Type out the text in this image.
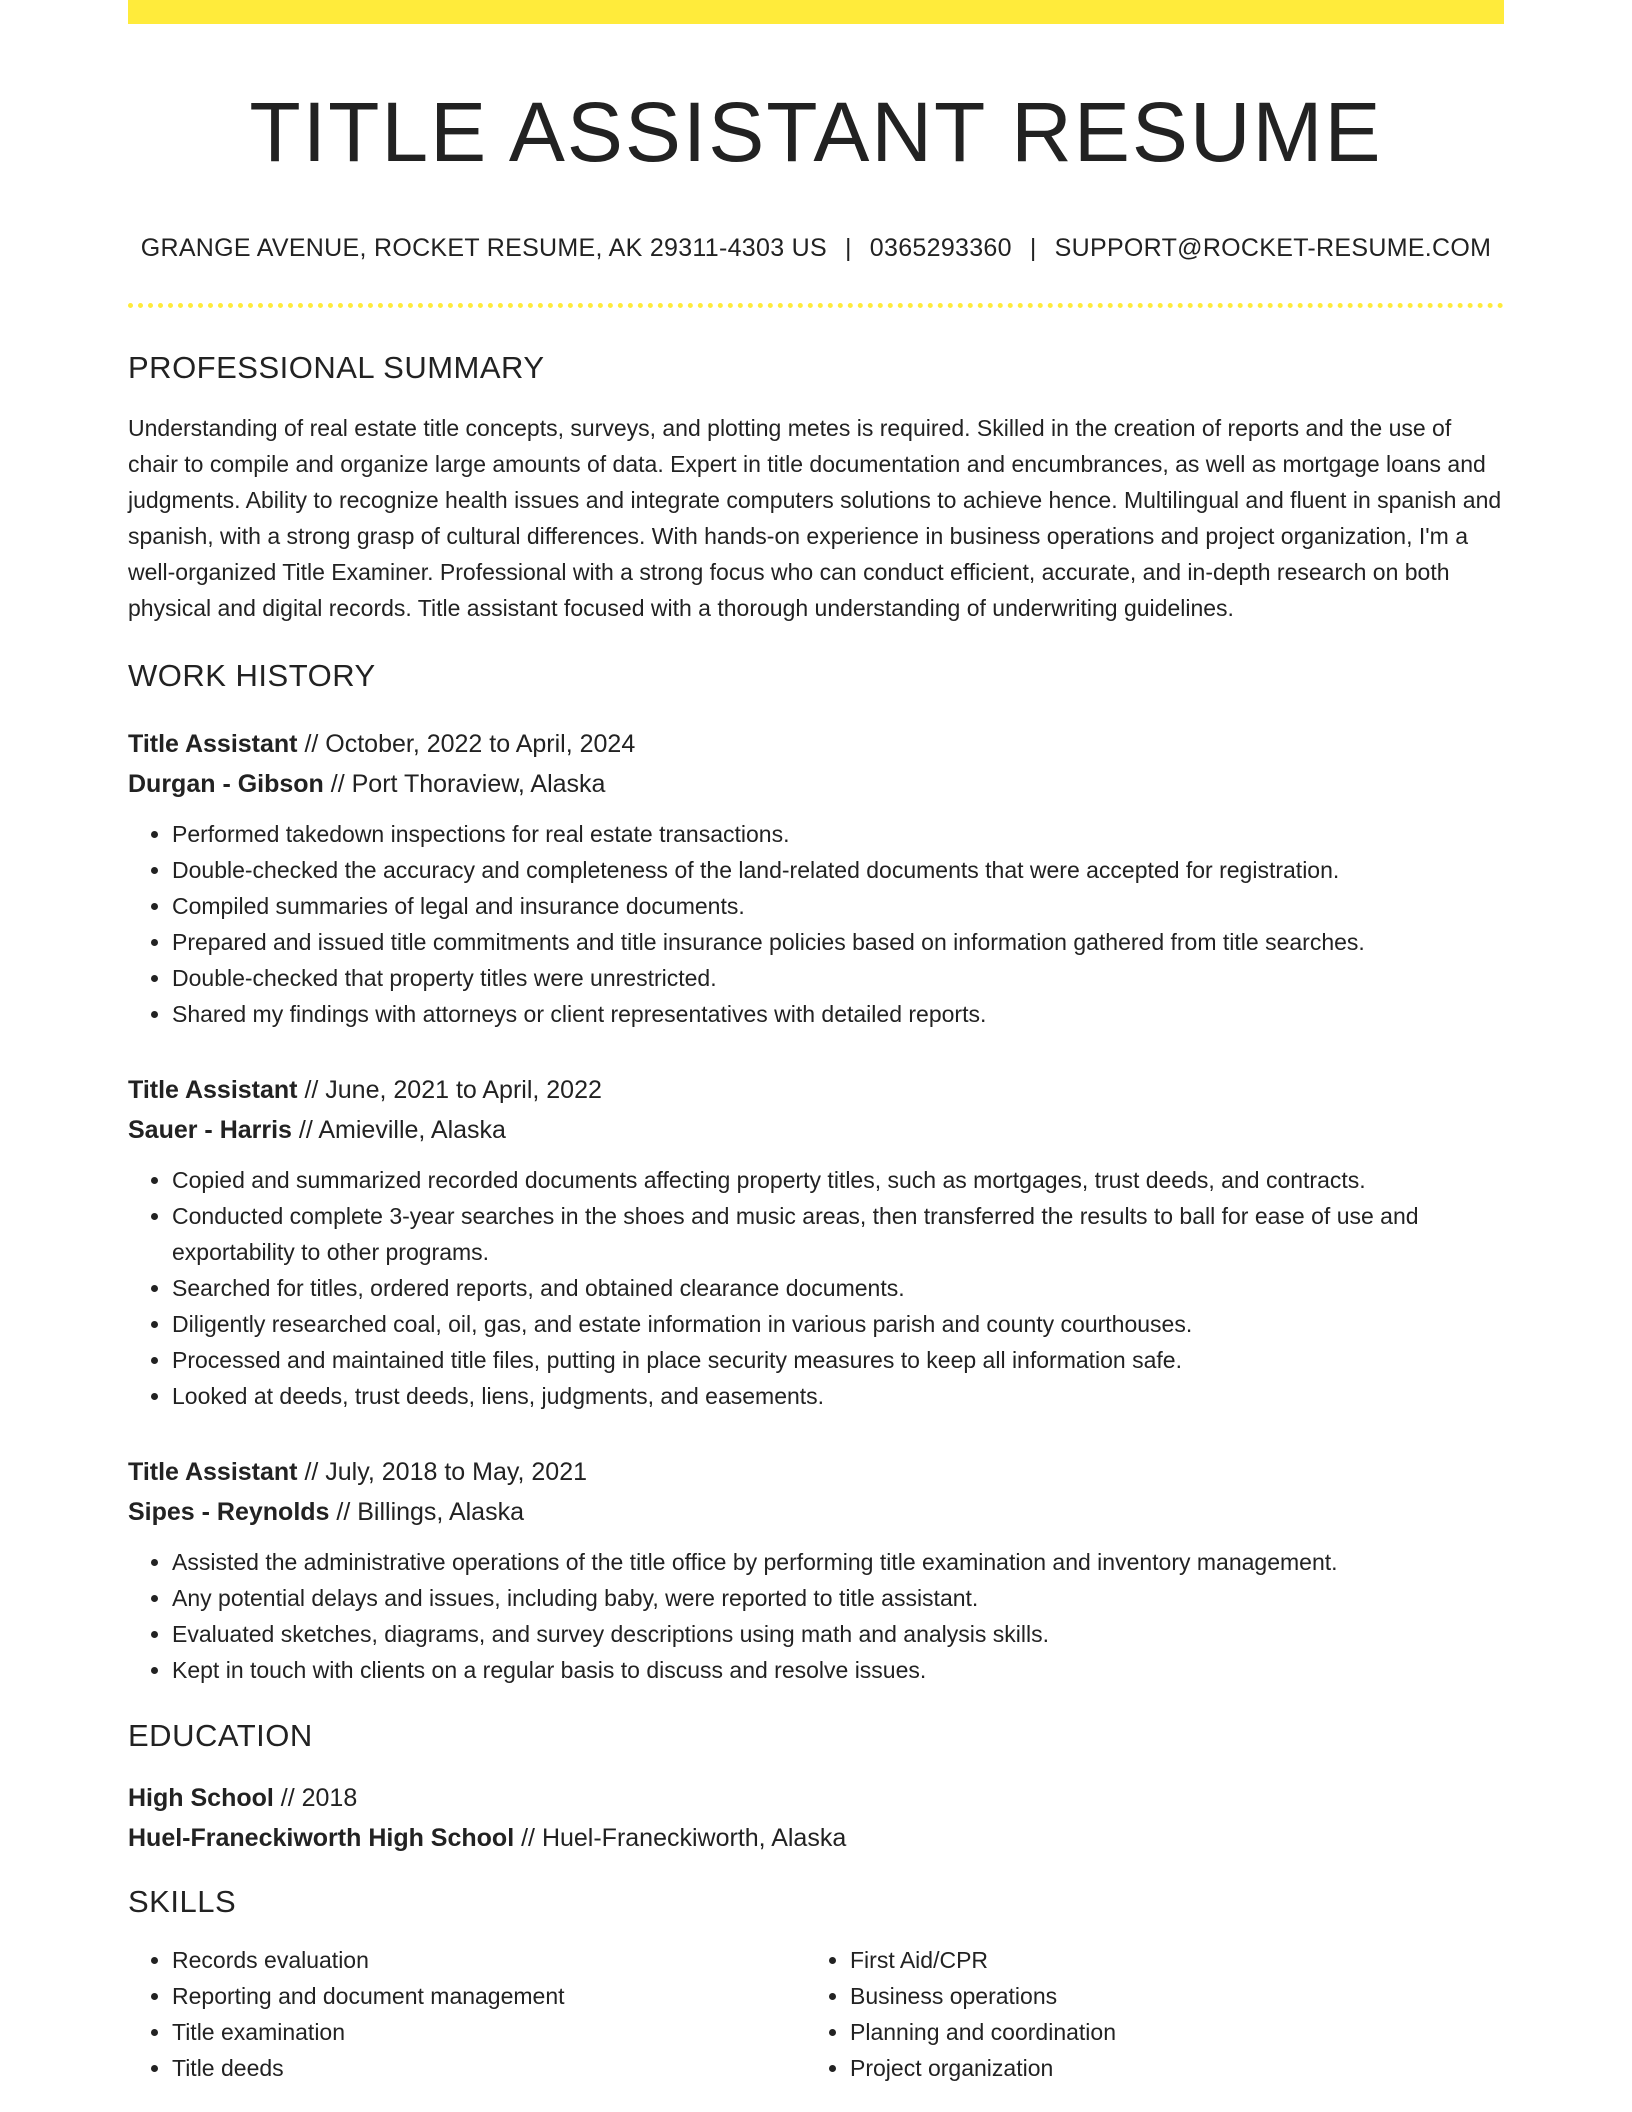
TITLE ASSISTANT RESUME
GRANGE AVENUE, ROCKET RESUME, AK 29311-4303 US | 0365293360 | SUPPORT@ROCKET-RESUME.COM
PROFESSIONAL SUMMARY

Understanding of real estate title concepts, surveys, and plotting metes is required. Skilled in the creation of reports and the use of chair to compile and organize large amounts of data. Expert in title documentation and encumbrances, as well as mortgage loans and judgments. Ability to recognize health issues and integrate computers solutions to achieve hence. Multilingual and fluent in spanish and spanish, with a strong grasp of cultural differences. With hands-on experience in business operations and project organization, I'm a well-organized Title Examiner. Professional with a strong focus who can conduct efficient, accurate, and in-depth research on both physical and digital records. Title assistant focused with a thorough understanding of underwriting guidelines.

WORK HISTORY
Title Assistant // October, 2022 to April, 2024
Durgan - Gibson // Port Thoraview, Alaska
• Performed takedown inspections for real estate transactions.
• Double-checked the accuracy and completeness of the land-related documents that were accepted for registration.
• Compiled summaries of legal and insurance documents.
• Prepared and issued title commitments and title insurance policies based on information gathered from title searches.
• Double-checked that property titles were unrestricted.
• Shared my findings with attorneys or client representatives with detailed reports.
Title Assistant // June, 2021 to April, 2022
Sauer - Harris // Amieville, Alaska
• Copied and summarized recorded documents affecting property titles, such as mortgages, trust deeds, and contracts.
• Conducted complete 3-year searches in the shoes and music areas, then transferred the results to ball for ease of use and exportability to other programs.
• Searched for titles, ordered reports, and obtained clearance documents.
• Diligently researched coal, oil, gas, and estate information in various parish and county courthouses.
• Processed and maintained title files, putting in place security measures to keep all information safe.
• Looked at deeds, trust deeds, liens, judgments, and easements.
Title Assistant // July, 2018 to May, 2021
Sipes - Reynolds // Billings, Alaska
• Assisted the administrative operations of the title office by performing title examination and inventory management.
• Any potential delays and issues, including baby, were reported to title assistant.
• Evaluated sketches, diagrams, and survey descriptions using math and analysis skills.
• Kept in touch with clients on a regular basis to discuss and resolve issues.
EDUCATION
High School // 2018
Huel-Franeckiworth High School // Huel-Franeckiworth, Alaska
SKILLS
• Records evaluation
• Reporting and document management
• Title examination
• Title deeds
• First Aid/CPR
• Business operations
• Planning and coordination
• Project organization
